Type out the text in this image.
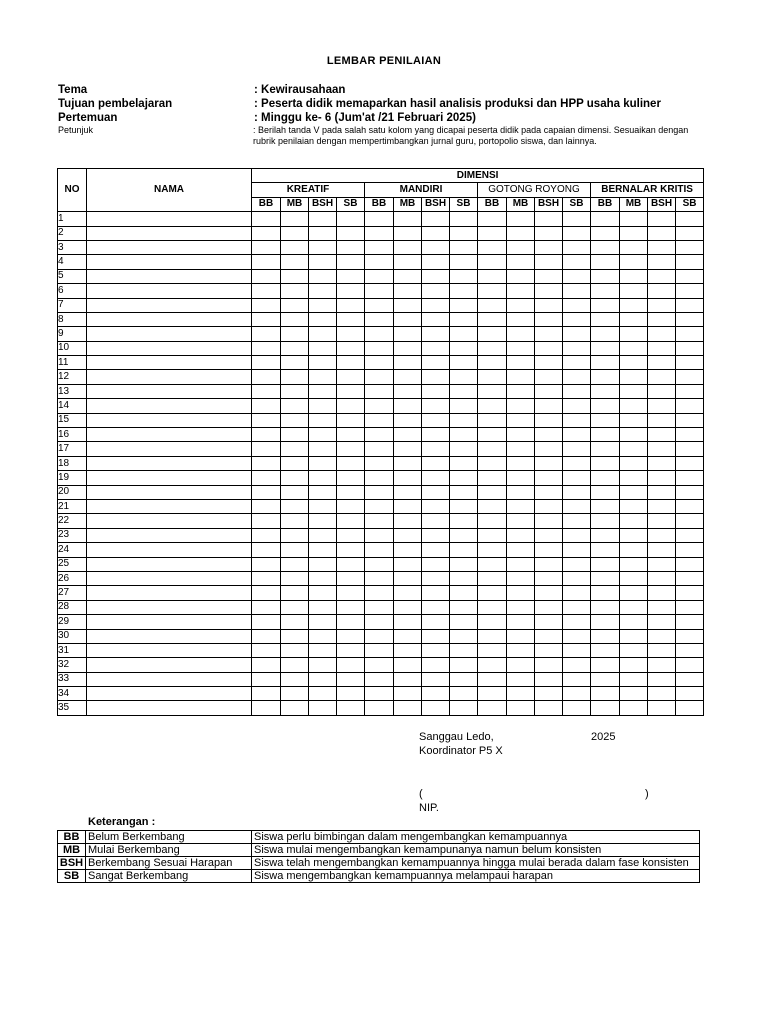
LEMBAR PENILAIAN
Tema	: Kewirausahaan
Tujuan pembelajaran	: Peserta didik memaparkan hasil analisis produksi dan HPP usaha kuliner
Pertemuan	: Minggu ke- 6 (Jum'at /21 Februari 2025)
Petunjuk	: Berilah tanda V pada salah satu kolom yang dicapai peserta didik pada capaian dimensi. Sesuaikan dengan rubrik penilaian dengan mempertimbangkan jurnal guru, portopolio siswa, dan lainnya.
NO	NAMA	DIMENSI															
		KREATIF				MANDIRI				GOTONG ROYONG				BERNALAR KRITIS			
		BB	MB	BSH	SB	BB	MB	BSH	SB	BB	MB	BSH	SB	BB	MB	BSH	SB
1																	
2																	
3																	
4																	
5																	
6																	
7																	
8																	
9																	
10																	
11																	
12																	
13																	
14																	
15																	
16																	
17																	
18																	
19																	
20																	
21																	
22																	
23																	
24																	
25																	
26																	
27																	
28																	
29																	
30																	
31																	
32																	
33																	
34																	
35																	
Sanggau Ledo,	2025
Koordinator P5 X
(	)
NIP.
Keterangan :
BB	Belum Berkembang	Siswa perlu bimbingan dalam mengembangkan kemampuannya
MB	Mulai Berkembang	Siswa mulai mengembangkan kemampunanya namun belum konsisten
BSH	Berkembang Sesuai Harapan	Siswa telah mengembangkan kemampuannya hingga mulai berada dalam fase konsisten
SB	Sangat Berkembang	Siswa mengembangkan kemampuannya melampaui harapan
